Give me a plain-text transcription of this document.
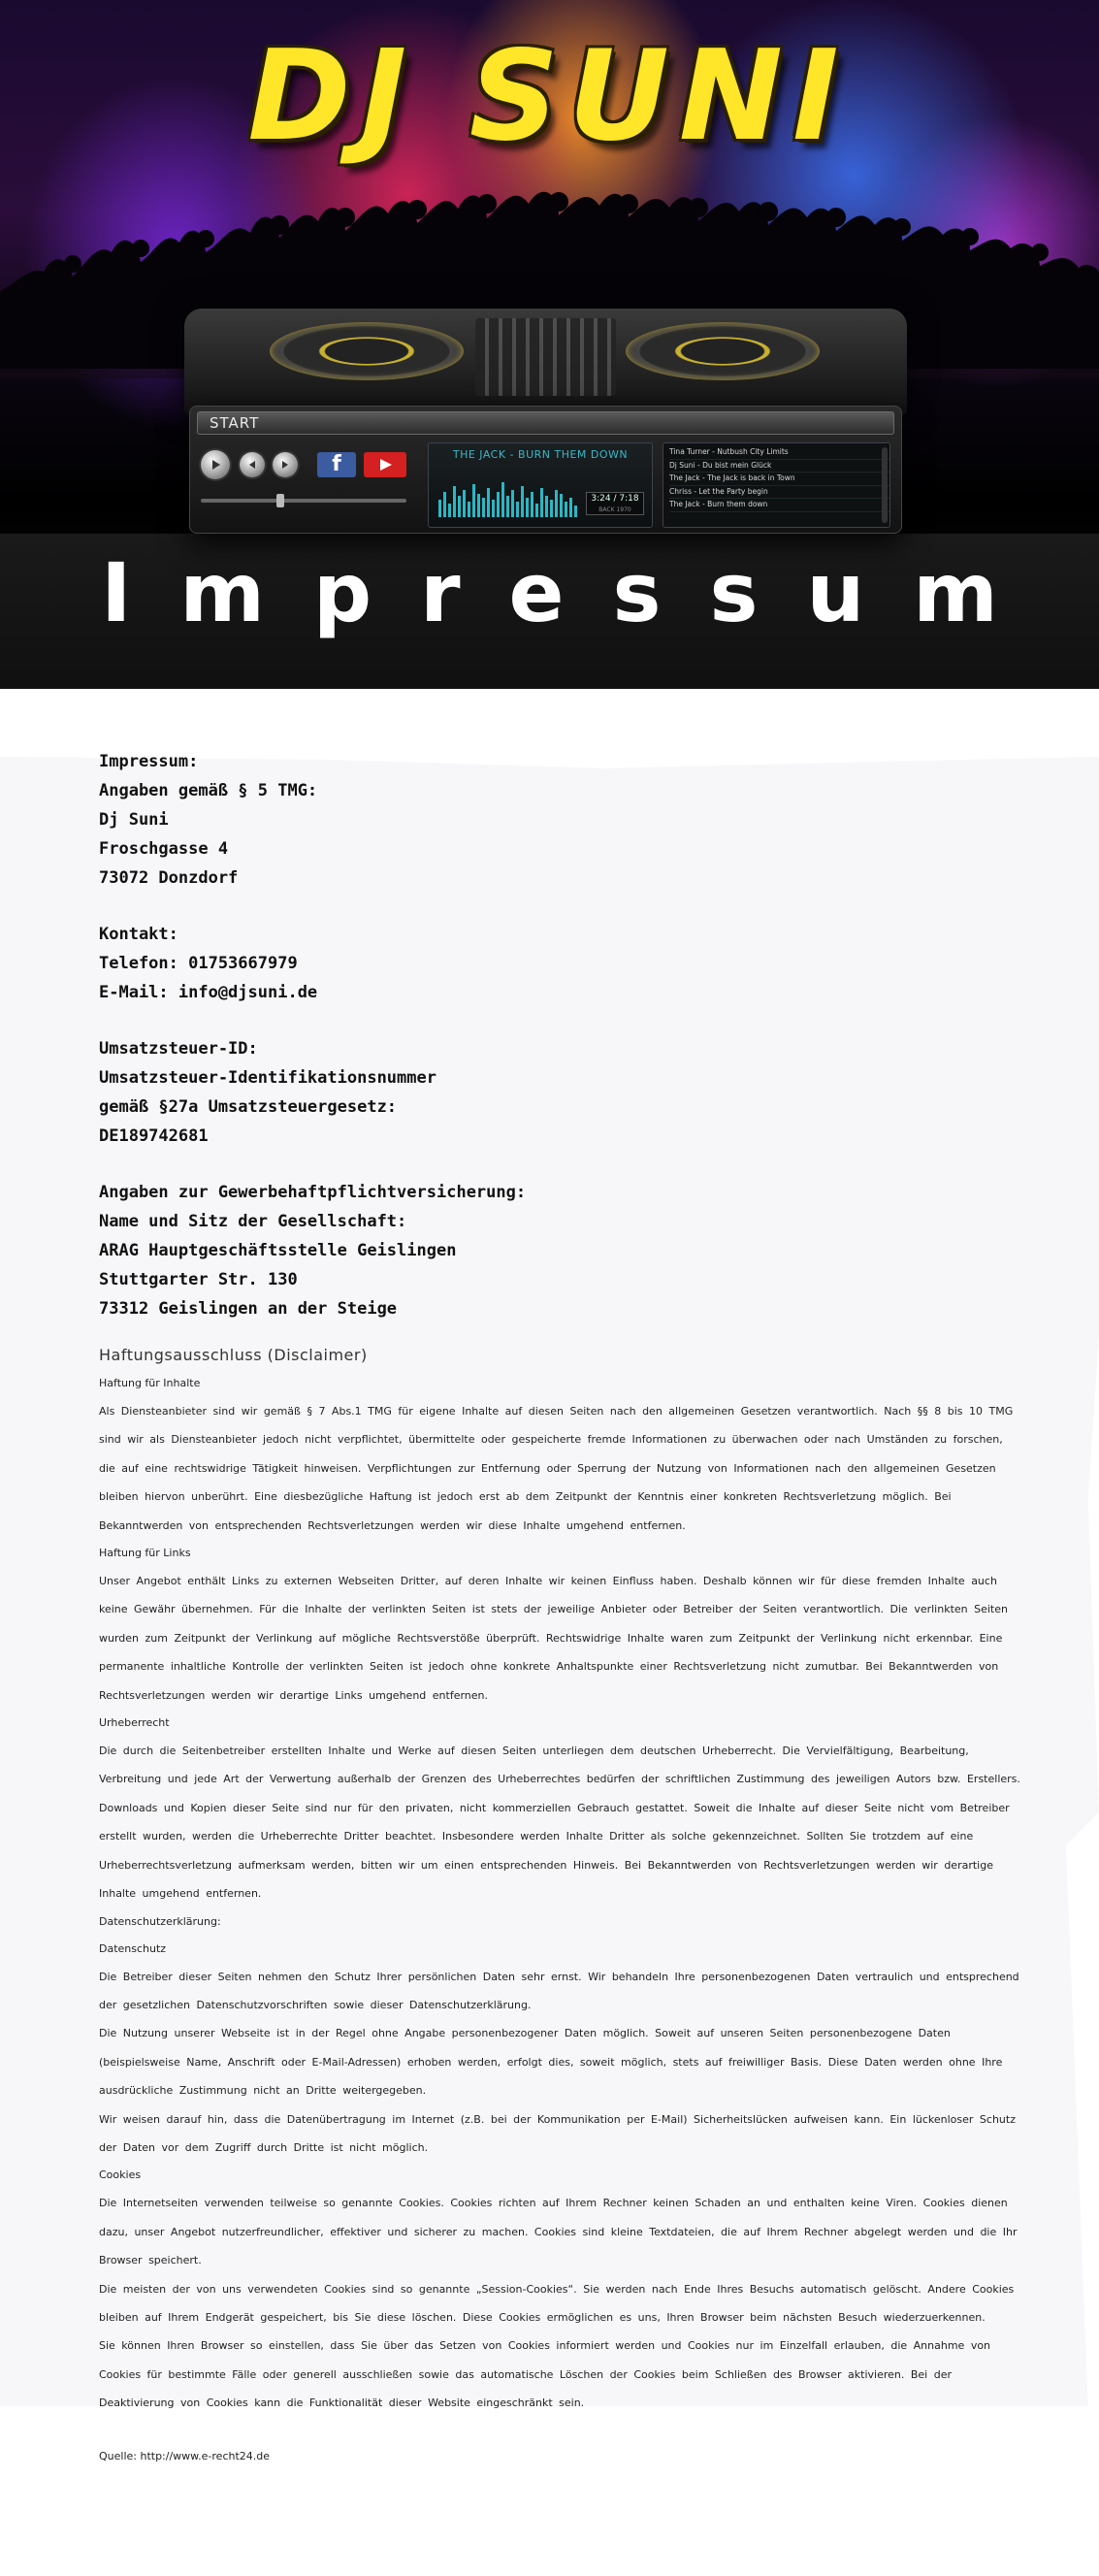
DJ SUNI
START
f	THE JACK - BURN THEM DOWN
3:24 / 7:18
BACK 1970
Tina Turner - Nutbush City Limits
Dj Suni - Du bist mein Glück
The Jack - The Jack is back in Town
Chriss - Let the Party begin
The Jack - Burn them down
Impressum
Impressum:
Angaben gemäß § 5 TMG:
Dj Suni
Froschgasse 4
73072 Donzdorf
Kontakt:
Telefon: 01753667979
E-Mail: info@djsuni.de
Umsatzsteuer-ID:
Umsatzsteuer-Identifikationsnummer
gemäß §27a Umsatzsteuergesetz:
DE189742681
Angaben zur Gewerbehaftpflichtversicherung:
Name und Sitz der Gesellschaft:
ARAG Hauptgeschäftsstelle Geislingen
Stuttgarter Str. 130
73312 Geislingen an der Steige
Haftungsausschluss (Disclaimer)
Haftung für Inhalte

Als Diensteanbieter sind wir gemäß § 7 Abs.1 TMG für eigene Inhalte auf diesen Seiten nach den allgemeinen Gesetzen verantwortlich. Nach §§ 8 bis 10 TMG sind wir als Diensteanbieter jedoch nicht verpflichtet, übermittelte oder gespeicherte fremde Informationen zu überwachen oder nach Umständen zu forschen, die auf eine rechtswidrige Tätigkeit hinweisen. Verpflichtungen zur Entfernung oder Sperrung der Nutzung von Informationen nach den allgemeinen Gesetzen bleiben hiervon unberührt. Eine diesbezügliche Haftung ist jedoch erst ab dem Zeitpunkt der Kenntnis einer konkreten Rechtsverletzung möglich. Bei Bekanntwerden von entsprechenden Rechtsverletzungen werden wir diese Inhalte umgehend entfernen.

Haftung für Links

Unser Angebot enthält Links zu externen Webseiten Dritter, auf deren Inhalte wir keinen Einfluss haben. Deshalb können wir für diese fremden Inhalte auch keine Gewähr übernehmen. Für die Inhalte der verlinkten Seiten ist stets der jeweilige Anbieter oder Betreiber der Seiten verantwortlich. Die verlinkten Seiten wurden zum Zeitpunkt der Verlinkung auf mögliche Rechtsverstöße überprüft. Rechtswidrige Inhalte waren zum Zeitpunkt der Verlinkung nicht erkennbar. Eine permanente inhaltliche Kontrolle der verlinkten Seiten ist jedoch ohne konkrete Anhaltspunkte einer Rechtsverletzung nicht zumutbar. Bei Bekanntwerden von Rechtsverletzungen werden wir derartige Links umgehend entfernen.

Urheberrecht

Die durch die Seitenbetreiber erstellten Inhalte und Werke auf diesen Seiten unterliegen dem deutschen Urheberrecht. Die Vervielfältigung, Bearbeitung, Verbreitung und jede Art der Verwertung außerhalb der Grenzen des Urheberrechtes bedürfen der schriftlichen Zustimmung des jeweiligen Autors bzw. Erstellers. Downloads und Kopien dieser Seite sind nur für den privaten, nicht kommerziellen Gebrauch gestattet. Soweit die Inhalte auf dieser Seite nicht vom Betreiber erstellt wurden, werden die Urheberrechte Dritter beachtet. Insbesondere werden Inhalte Dritter als solche gekennzeichnet. Sollten Sie trotzdem auf eine Urheberrechtsverletzung aufmerksam werden, bitten wir um einen entsprechenden Hinweis. Bei Bekanntwerden von Rechtsverletzungen werden wir derartige Inhalte umgehend entfernen.

Datenschutzerklärung:
Datenschutz

Die Betreiber dieser Seiten nehmen den Schutz Ihrer persönlichen Daten sehr ernst. Wir behandeln Ihre personenbezogenen Daten vertraulich und entsprechend der gesetzlichen Datenschutzvorschriften sowie dieser Datenschutzerklärung.

Die Nutzung unserer Webseite ist in der Regel ohne Angabe personenbezogener Daten möglich. Soweit auf unseren Seiten personenbezogene Daten (beispielsweise Name, Anschrift oder E-Mail-Adressen) erhoben werden, erfolgt dies, soweit möglich, stets auf freiwilliger Basis. Diese Daten werden ohne Ihre ausdrückliche Zustimmung nicht an Dritte weitergegeben.

Wir weisen darauf hin, dass die Datenübertragung im Internet (z.B. bei der Kommunikation per E-Mail) Sicherheitslücken aufweisen kann. Ein lückenloser Schutz der Daten vor dem Zugriff durch Dritte ist nicht möglich.

Cookies

Die Internetseiten verwenden teilweise so genannte Cookies. Cookies richten auf Ihrem Rechner keinen Schaden an und enthalten keine Viren. Cookies dienen dazu, unser Angebot nutzerfreundlicher, effektiver und sicherer zu machen. Cookies sind kleine Textdateien, die auf Ihrem Rechner abgelegt werden und die Ihr Browser speichert.

Die meisten der von uns verwendeten Cookies sind so genannte „Session-Cookies“. Sie werden nach Ende Ihres Besuchs automatisch gelöscht. Andere Cookies bleiben auf Ihrem Endgerät gespeichert, bis Sie diese löschen. Diese Cookies ermöglichen es uns, Ihren Browser beim nächsten Besuch wiederzuerkennen.

Sie können Ihren Browser so einstellen, dass Sie über das Setzen von Cookies informiert werden und Cookies nur im Einzelfall erlauben, die Annahme von Cookies für bestimmte Fälle oder generell ausschließen sowie das automatische Löschen der Cookies beim Schließen des Browser aktivieren. Bei der Deaktivierung von Cookies kann die Funktionalität dieser Website eingeschränkt sein.

Quelle: http://www.e-recht24.de
